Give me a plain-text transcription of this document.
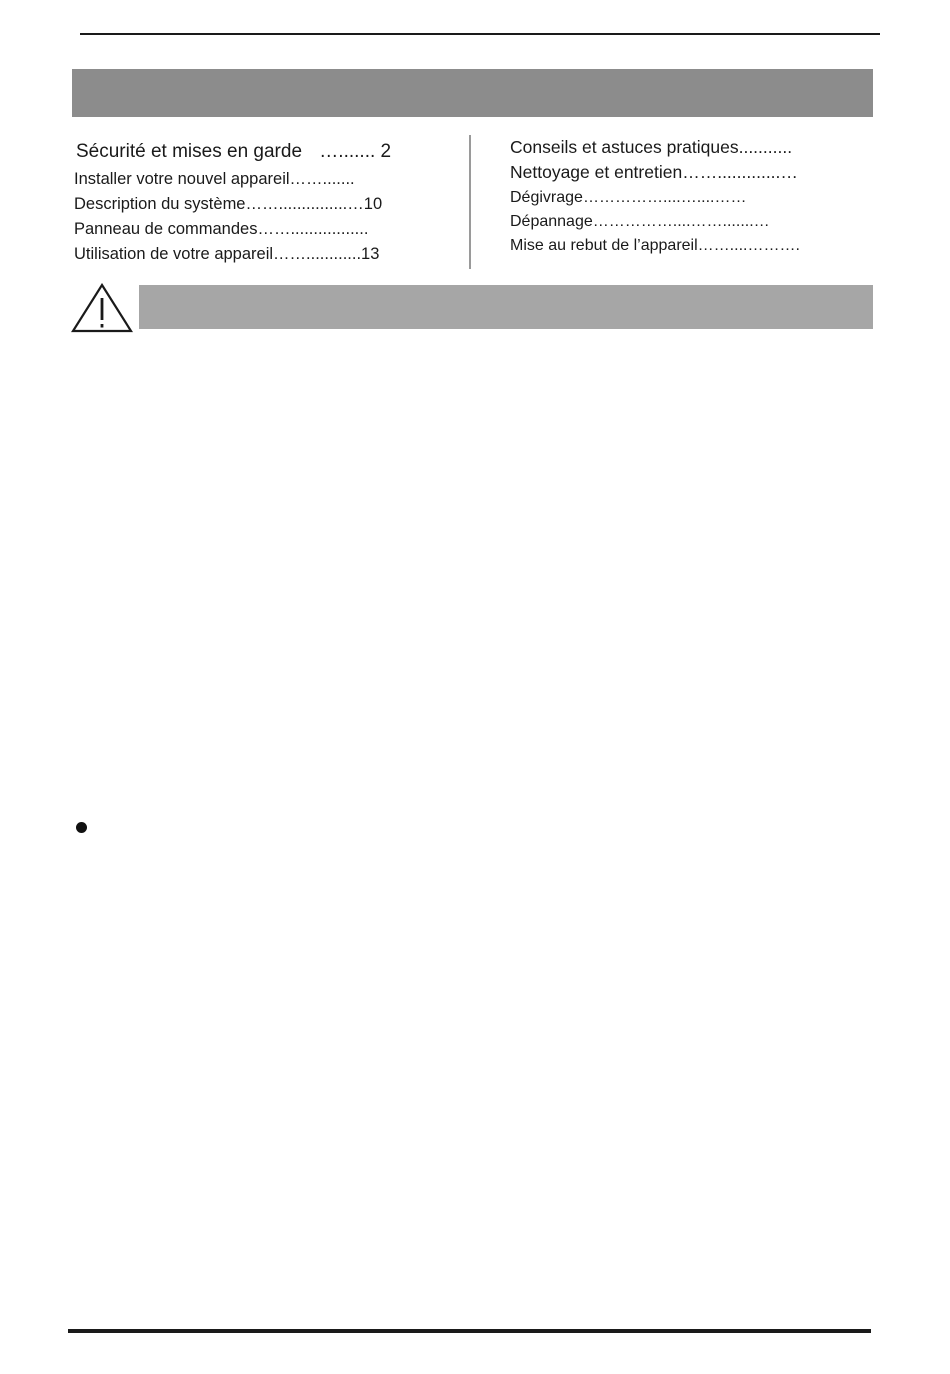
Sécurité et mises en garde …....... 2
Installer votre nouvel appareil…….......
Description du système……...............…10
Panneau de commandes…….................
Utilisation de votre appareil……............13
Conseils et astuces pratiques...........
Nettoyage et entretien…….............…
Dégivrage……………....…....……
Dépannage……………....…….......…
Mise au rebut de l’appareil……....……….
